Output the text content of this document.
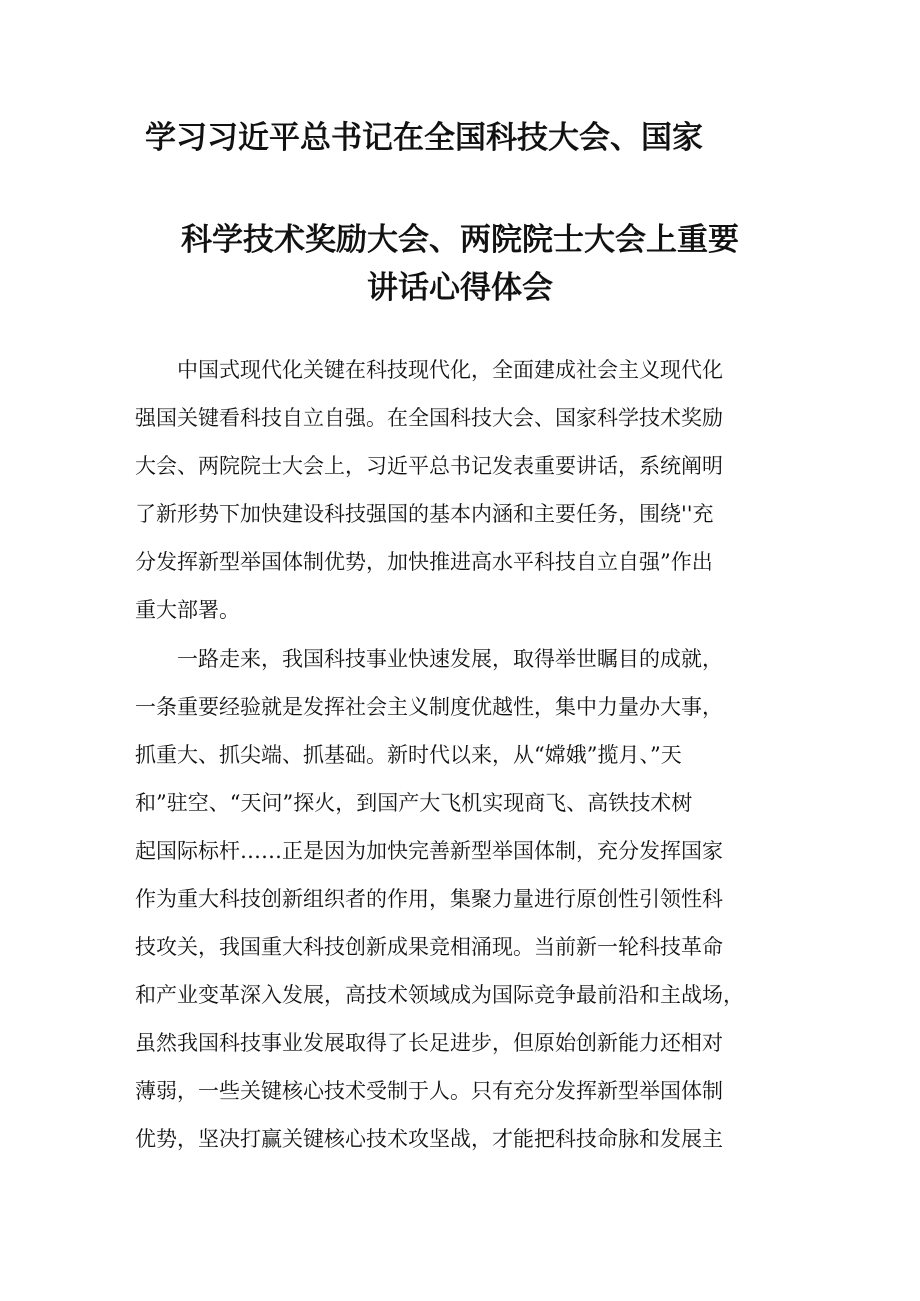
学习习近平总书记在全国科技大会、国家
科学技术奖励大会、两院院士大会上重要
讲话心得体会
　　中国式现代化关键在科技现代化，全面建成社会主义现代化
强国关键看科技自立自强。在全国科技大会、国家科学技术奖励
大会、两院院士大会上，习近平总书记发表重要讲话，系统阐明
了新形势下加快建设科技强国的基本内涵和主要任务，围绕''充
分发挥新型举国体制优势，加快推进高水平科技自立自强”作出
重大部署。
　　一路走来，我国科技事业快速发展，取得举世瞩目的成就，
一条重要经验就是发挥社会主义制度优越性，集中力量办大事，
抓重大、抓尖端、抓基础。新时代以来，从“嫦娥”揽月、”天
和”驻空、“天问”探火，到国产大飞机实现商飞、高铁技术树
起国际标杆……正是因为加快完善新型举国体制，充分发挥国家
作为重大科技创新组织者的作用，集聚力量进行原创性引领性科
技攻关，我国重大科技创新成果竞相涌现。当前新一轮科技革命
和产业变革深入发展，高技术领域成为国际竞争最前沿和主战场，
虽然我国科技事业发展取得了长足进步，但原始创新能力还相对
薄弱，一些关键核心技术受制于人。只有充分发挥新型举国体制
优势，坚决打赢关键核心技术攻坚战，才能把科技命脉和发展主
